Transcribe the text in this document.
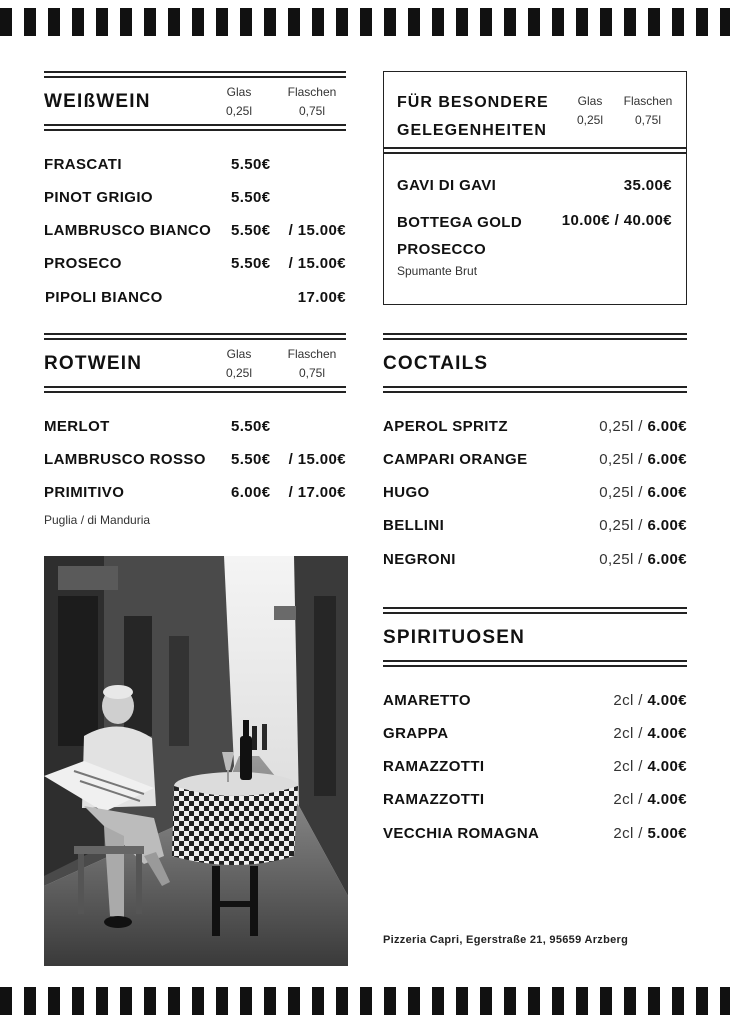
WEIßWEIN	Glas
0,25l
Flaschen
0,75l
FRASCATI	5.50€
PINOT GRIGIO	5.50€
LAMBRUSCO BIANCO 5.50€ / 15.00€
PROSECO	5.50€ / 15.00€
PIPOLI BIANCO	17.00€
ROTWEIN	Glas
0,25l
Flaschen
0,75l
MERLOT	5.50€
LAMBRUSCO ROSSO 5.50€ / 15.00€
PRIMITIVO	6.00€ / 17.00€
Puglia / di Manduria
FÜR BESONDERE
GELEGENHEITEN
Glas
0,25l
Flaschen
0,75l
GAVI DI GAVI	35.00€
BOTTEGA GOLD
PROSECCO
10.00€ / 40.00€
Spumante Brut
COCTAILS
APEROL SPRITZ	0,25l / 6.00€
CAMPARI ORANGE	0,25l / 6.00€
HUGO	0,25l / 6.00€
BELLINI	0,25l / 6.00€
NEGRONI	0,25l / 6.00€
SPIRITUOSEN
AMARETTO	2cl / 4.00€
GRAPPA	2cl / 4.00€
RAMAZZOTTI	2cl / 4.00€
RAMAZZOTTI	2cl / 4.00€
VECCHIA ROMAGNA	2cl / 5.00€
Pizzeria Capri, Egerstraße 21, 95659 Arzberg
